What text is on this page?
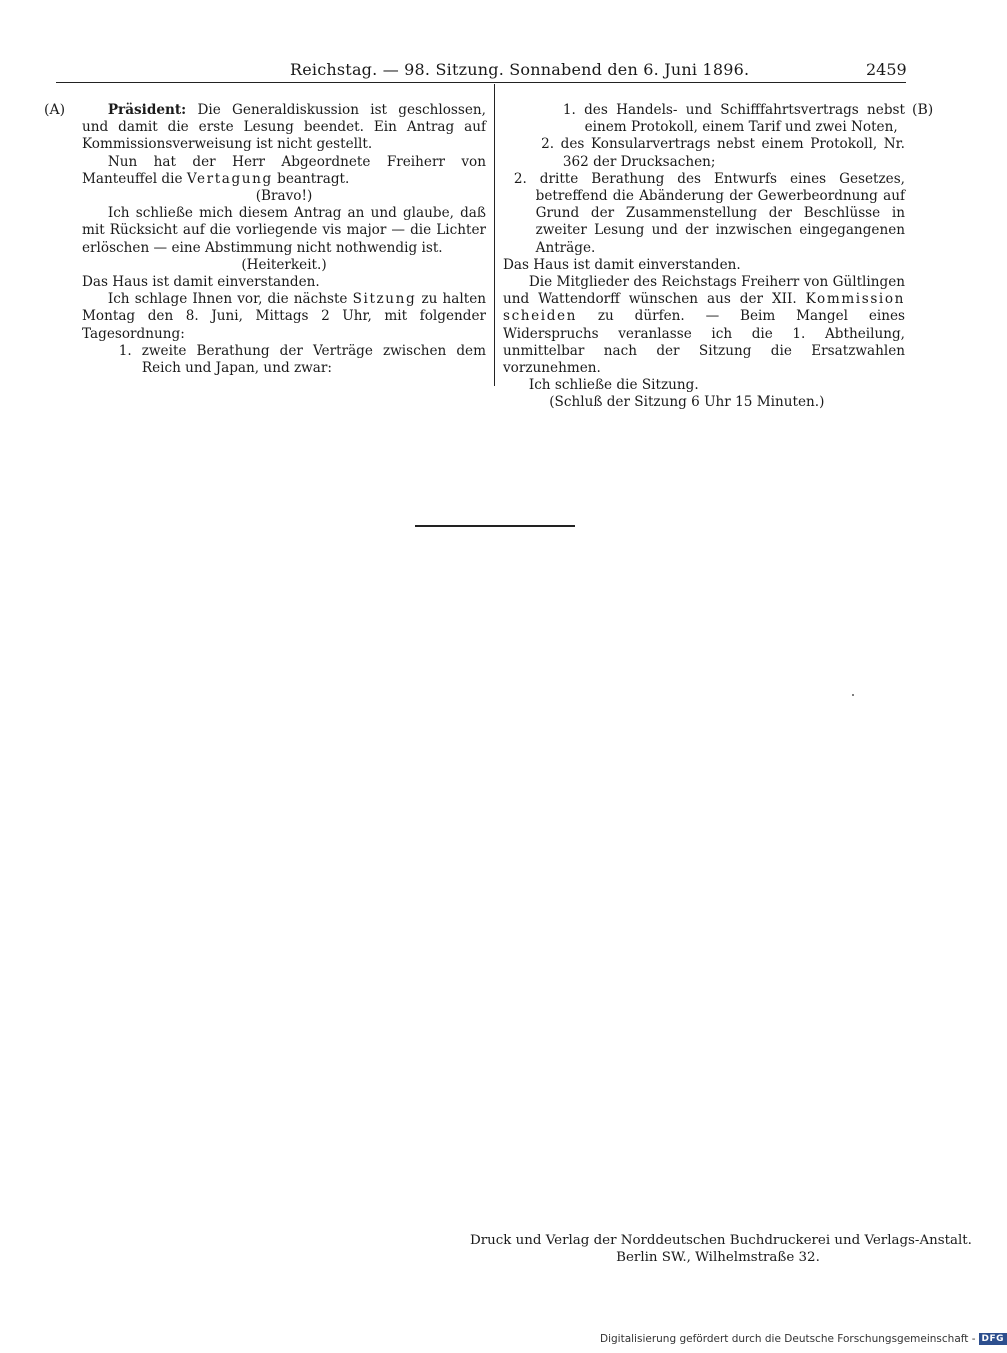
Reichstag. — 98. Sitzung. Sonnabend den 6. Juni 1896.	2459
(A)	(B)

Präsident: Die Generaldiskussion ist geschlossen, und damit die erste Lesung beendet. Ein Antrag auf Kommissionsverweisung ist nicht gestellt.

Nun hat der Herr Abgeordnete Freiherr von Manteuffel die Vertagung beantragt.

(Bravo!)

Ich schließe mich diesem Antrag an und glaube, daß mit Rücksicht auf die vorliegende vis major — die Lichter erlöschen — eine Abstimmung nicht nothwendig ist.

(Heiterkeit.)

Das Haus ist damit einverstanden.

Ich schlage Ihnen vor, die nächste Sitzung zu halten Montag den 8. Juni, Mittags 2 Uhr, mit folgender Tagesordnung:

1. zweite Berathung der Verträge zwischen dem Reich und Japan, und zwar:

1. des Handels- und Schifffahrtsvertrags nebst einem Protokoll, einem Tarif und zwei Noten,

2. des Konsularvertrags nebst einem Protokoll, Nr. 362 der Drucksachen;

2. dritte Berathung des Entwurfs eines Gesetzes, betreffend die Abänderung der Gewerbeordnung auf Grund der Zusammenstellung der Beschlüsse in zweiter Lesung und der inzwischen eingegangenen Anträge.

Das Haus ist damit einverstanden.

Die Mitglieder des Reichstags Freiherr von Gültlingen und Wattendorff wünschen aus der XII. Kommission scheiden zu dürfen. — Beim Mangel eines Widerspruchs veranlasse ich die 1. Abtheilung, unmittelbar nach der Sitzung die Ersatzwahlen vorzunehmen.

Ich schließe die Sitzung.

(Schluß der Sitzung 6 Uhr 15 Minuten.)

Druck und Verlag der Norddeutschen Buchdruckerei und Verlags-Anstalt.
Berlin SW., Wilhelmstraße 32.
Digitalisierung gefördert durch die Deutsche Forschungsgemeinschaft - DFG
